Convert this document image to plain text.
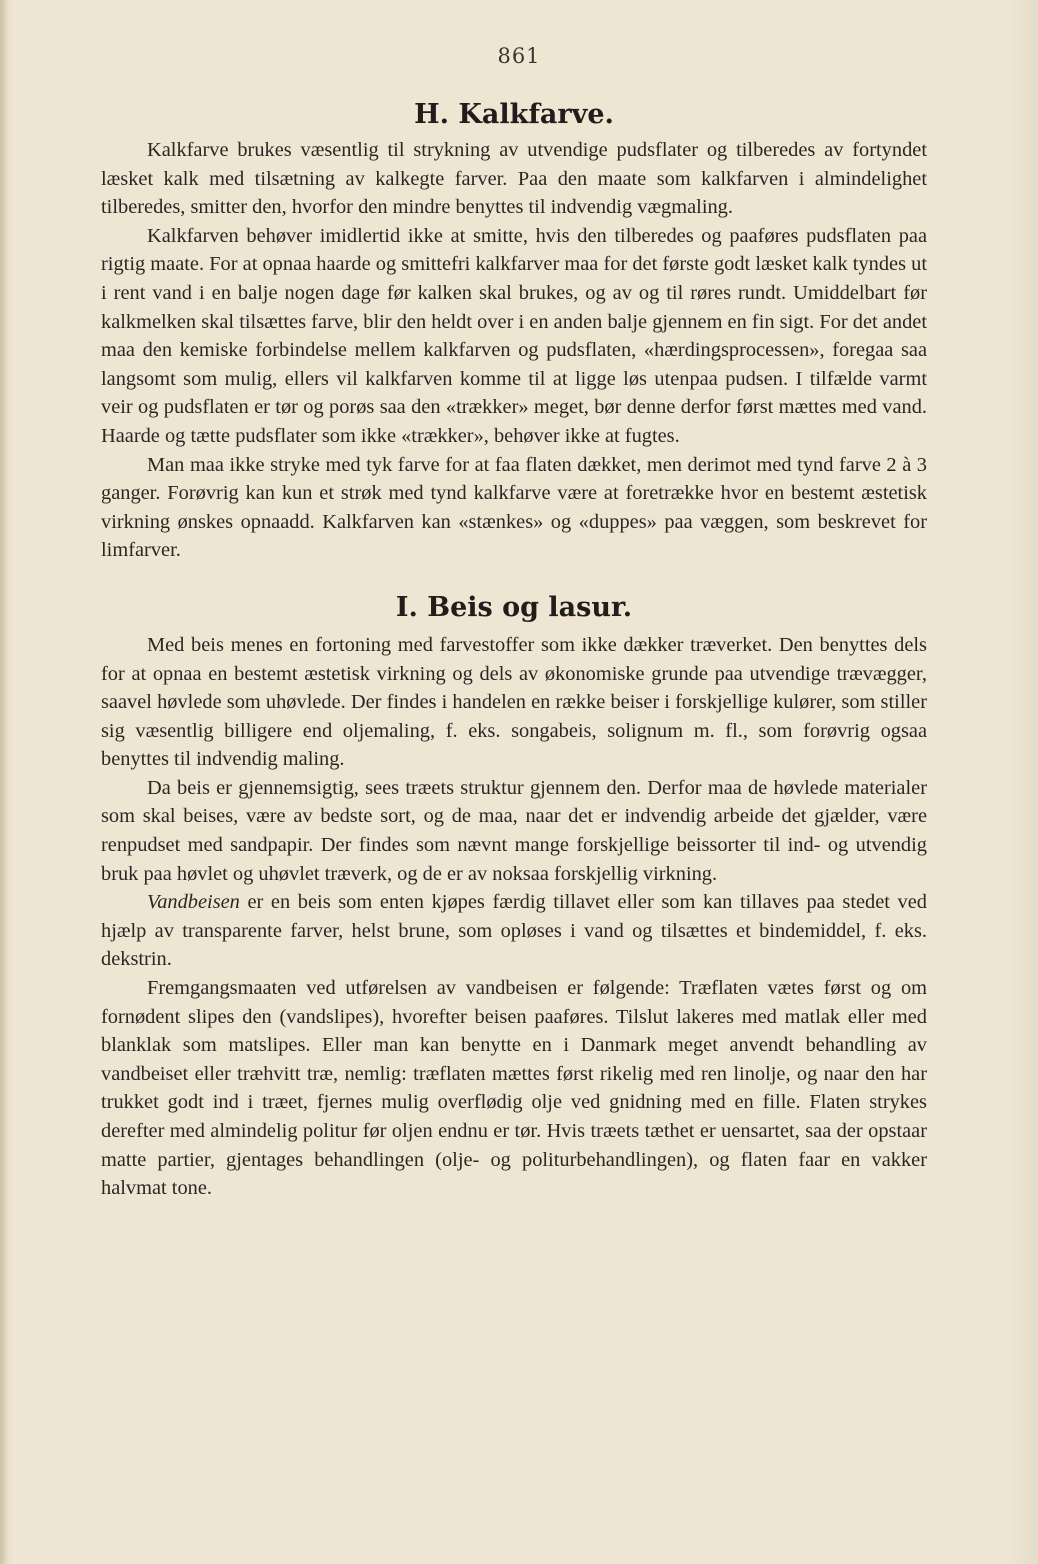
861
H. Kalkfarve.

Kalkfarve brukes væsentlig til strykning av utvendige pudsflater og tilberedes av fortyndet læsket kalk med tilsætning av kalkegte farver. Paa den maate som kalkfarven i almindelighet tilberedes, smitter den, hvorfor den mindre benyttes til indvendig vægmaling.

Kalkfarven behøver imidlertid ikke at smitte, hvis den tilberedes og paaføres pudsflaten paa rigtig maate. For at opnaa haarde og smittefri kalkfarver maa for det første godt læsket kalk tyndes ut i rent vand i en balje nogen dage før kalken skal brukes, og av og til røres rundt. Umiddelbart før kalkmelken skal tilsættes farve, blir den heldt over i en anden balje gjennem en fin sigt. For det andet maa den kemiske forbindelse mellem kalkfarven og pudsflaten, «hærdingsprocessen», foregaa saa langsomt som mulig, ellers vil kalkfarven komme til at ligge løs utenpaa pudsen. I tilfælde varmt veir og pudsflaten er tør og porøs saa den «trækker» meget, bør denne derfor først mættes med vand. Haarde og tætte pudsflater som ikke «trækker», behøver ikke at fugtes.

Man maa ikke stryke med tyk farve for at faa flaten dækket, men derimot med tynd farve 2 à 3 ganger. Forøvrig kan kun et strøk med tynd kalkfarve være at foretrække hvor en bestemt æstetisk virkning ønskes opnaadd. Kalkfarven kan «stænkes» og «duppes» paa væggen, som beskrevet for limfarver.

I. Beis og lasur.

Med beis menes en fortoning med farvestoffer som ikke dækker træverket. Den benyttes dels for at opnaa en bestemt æstetisk virkning og dels av økonomiske grunde paa utvendige trævægger, saavel høvlede som uhøvlede. Der findes i handelen en række beiser i forskjellige kulører, som stiller sig væsentlig billigere end oljemaling, f. eks. songabeis, solignum m. fl., som forøvrig ogsaa benyttes til indvendig maling.

Da beis er gjennemsigtig, sees træets struktur gjennem den. Derfor maa de høvlede materialer som skal beises, være av bedste sort, og de maa, naar det er indvendig arbeide det gjælder, være renpudset med sandpapir. Der findes som nævnt mange forskjellige beissorter til ind- og utvendig bruk paa høvlet og uhøvlet træverk, og de er av noksaa forskjellig virkning.

Vandbeisen er en beis som enten kjøpes færdig tillavet eller som kan tillaves paa stedet ved hjælp av transparente farver, helst brune, som opløses i vand og tilsættes et bindemiddel, f. eks. dekstrin.

Fremgangsmaaten ved utførelsen av vandbeisen er følgende: Træflaten vætes først og om fornødent slipes den (vandslipes), hvorefter beisen paaføres. Tilslut lakeres med matlak eller med blanklak som matslipes. Eller man kan benytte en i Danmark meget anvendt behandling av vandbeiset eller træhvitt træ, nemlig: træflaten mættes først rikelig med ren linolje, og naar den har trukket godt ind i træet, fjernes mulig overflødig olje ved gnidning med en fille. Flaten strykes derefter med almindelig politur før oljen endnu er tør. Hvis træets tæthet er uensartet, saa der opstaar matte partier, gjentages behandlingen (olje- og politurbehandlingen), og flaten faar en vakker halvmat tone.
